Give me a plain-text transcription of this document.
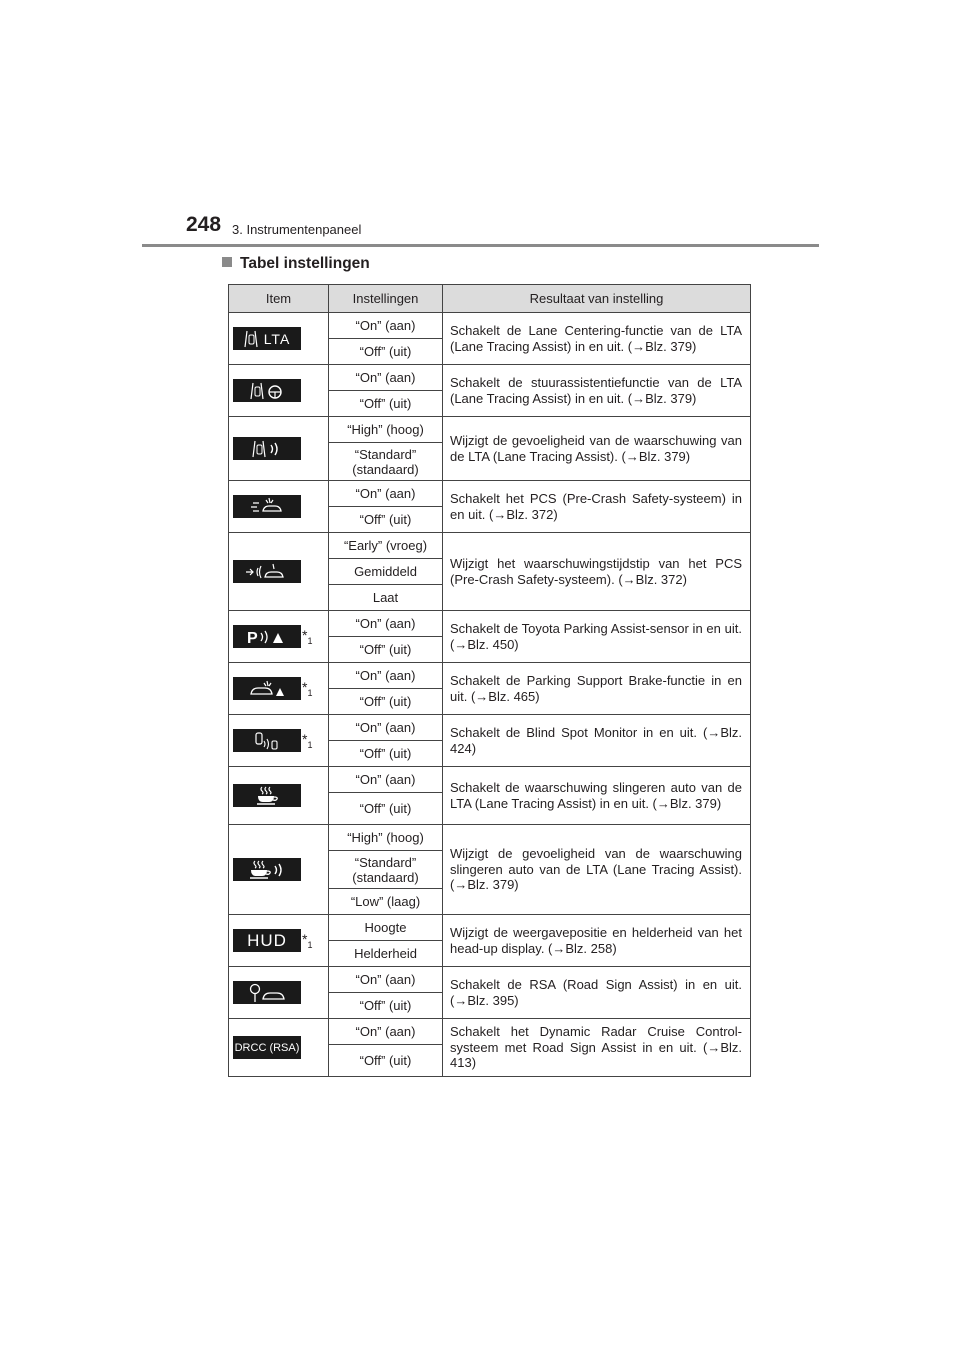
248 3. Instrumentenpaneel
Tabel instellingen
Item	Instellingen	Resultaat van instelling

LTA	“On” (aan)	Schakelt de Lane Centering-functie van de LTA (Lane Tracing Assist) in en uit. (→Blz. 379)
	“Off” (uit)	

	“On” (aan)	Schakelt de stuurassistentiefunctie van de LTA (Lane Tracing Assist) in en uit. (→Blz. 379)
	“Off” (uit)	

	“High” (hoog)	Wijzigt de gevoeligheid van de waarschuwing van de LTA (Lane Tracing Assist). (→Blz. 379)
	“Standard” (standaard)	

	“On” (aan)	Schakelt het PCS (Pre-Crash Safety-systeem) in en uit. (→Blz. 372)
	“Off” (uit)	

	“Early” (vroeg)	Wijzigt het waarschuwingstijdstip van het PCS (Pre-Crash Safety-systeem). (→Blz. 372)
	Gemiddeld	
	Laat	

P $*_1$	“On” (aan)	Schakelt de Toyota Parking Assist-sensor in en uit. (→Blz. 450)
	“Off” (uit)	

$*_1$	“On” (aan)	Schakelt de Parking Support Brake-functie in en uit. (→Blz. 465)
	“Off” (uit)	

$*_1$	“On” (aan)	Schakelt de Blind Spot Monitor in en uit. (→Blz. 424)
	“Off” (uit)	

	“On” (aan)	Schakelt de waarschuwing slingeren auto van de LTA (Lane Tracing Assist) in en uit. (→Blz. 379)
	“Off” (uit)	

	“High” (hoog)	Wijzigt de gevoeligheid van de waarschuwing slingeren auto van de LTA (Lane Tracing Assist). (→Blz. 379)
	“Standard” (standaard)	
	“Low” (laag)	

HUD $*_1$	Hoogte	Wijzigt de weergavepositie en helderheid van het head-up display. (→Blz. 258)
	Helderheid	

	“On” (aan)	Schakelt de RSA (Road Sign Assist) in en uit. (→Blz. 395)
	“Off” (uit)	

DRCC (RSA)	“On” (aan)	Schakelt het Dynamic Radar Cruise Control-systeem met Road Sign Assist in en uit. (→Blz. 413)
	“Off” (uit)	
